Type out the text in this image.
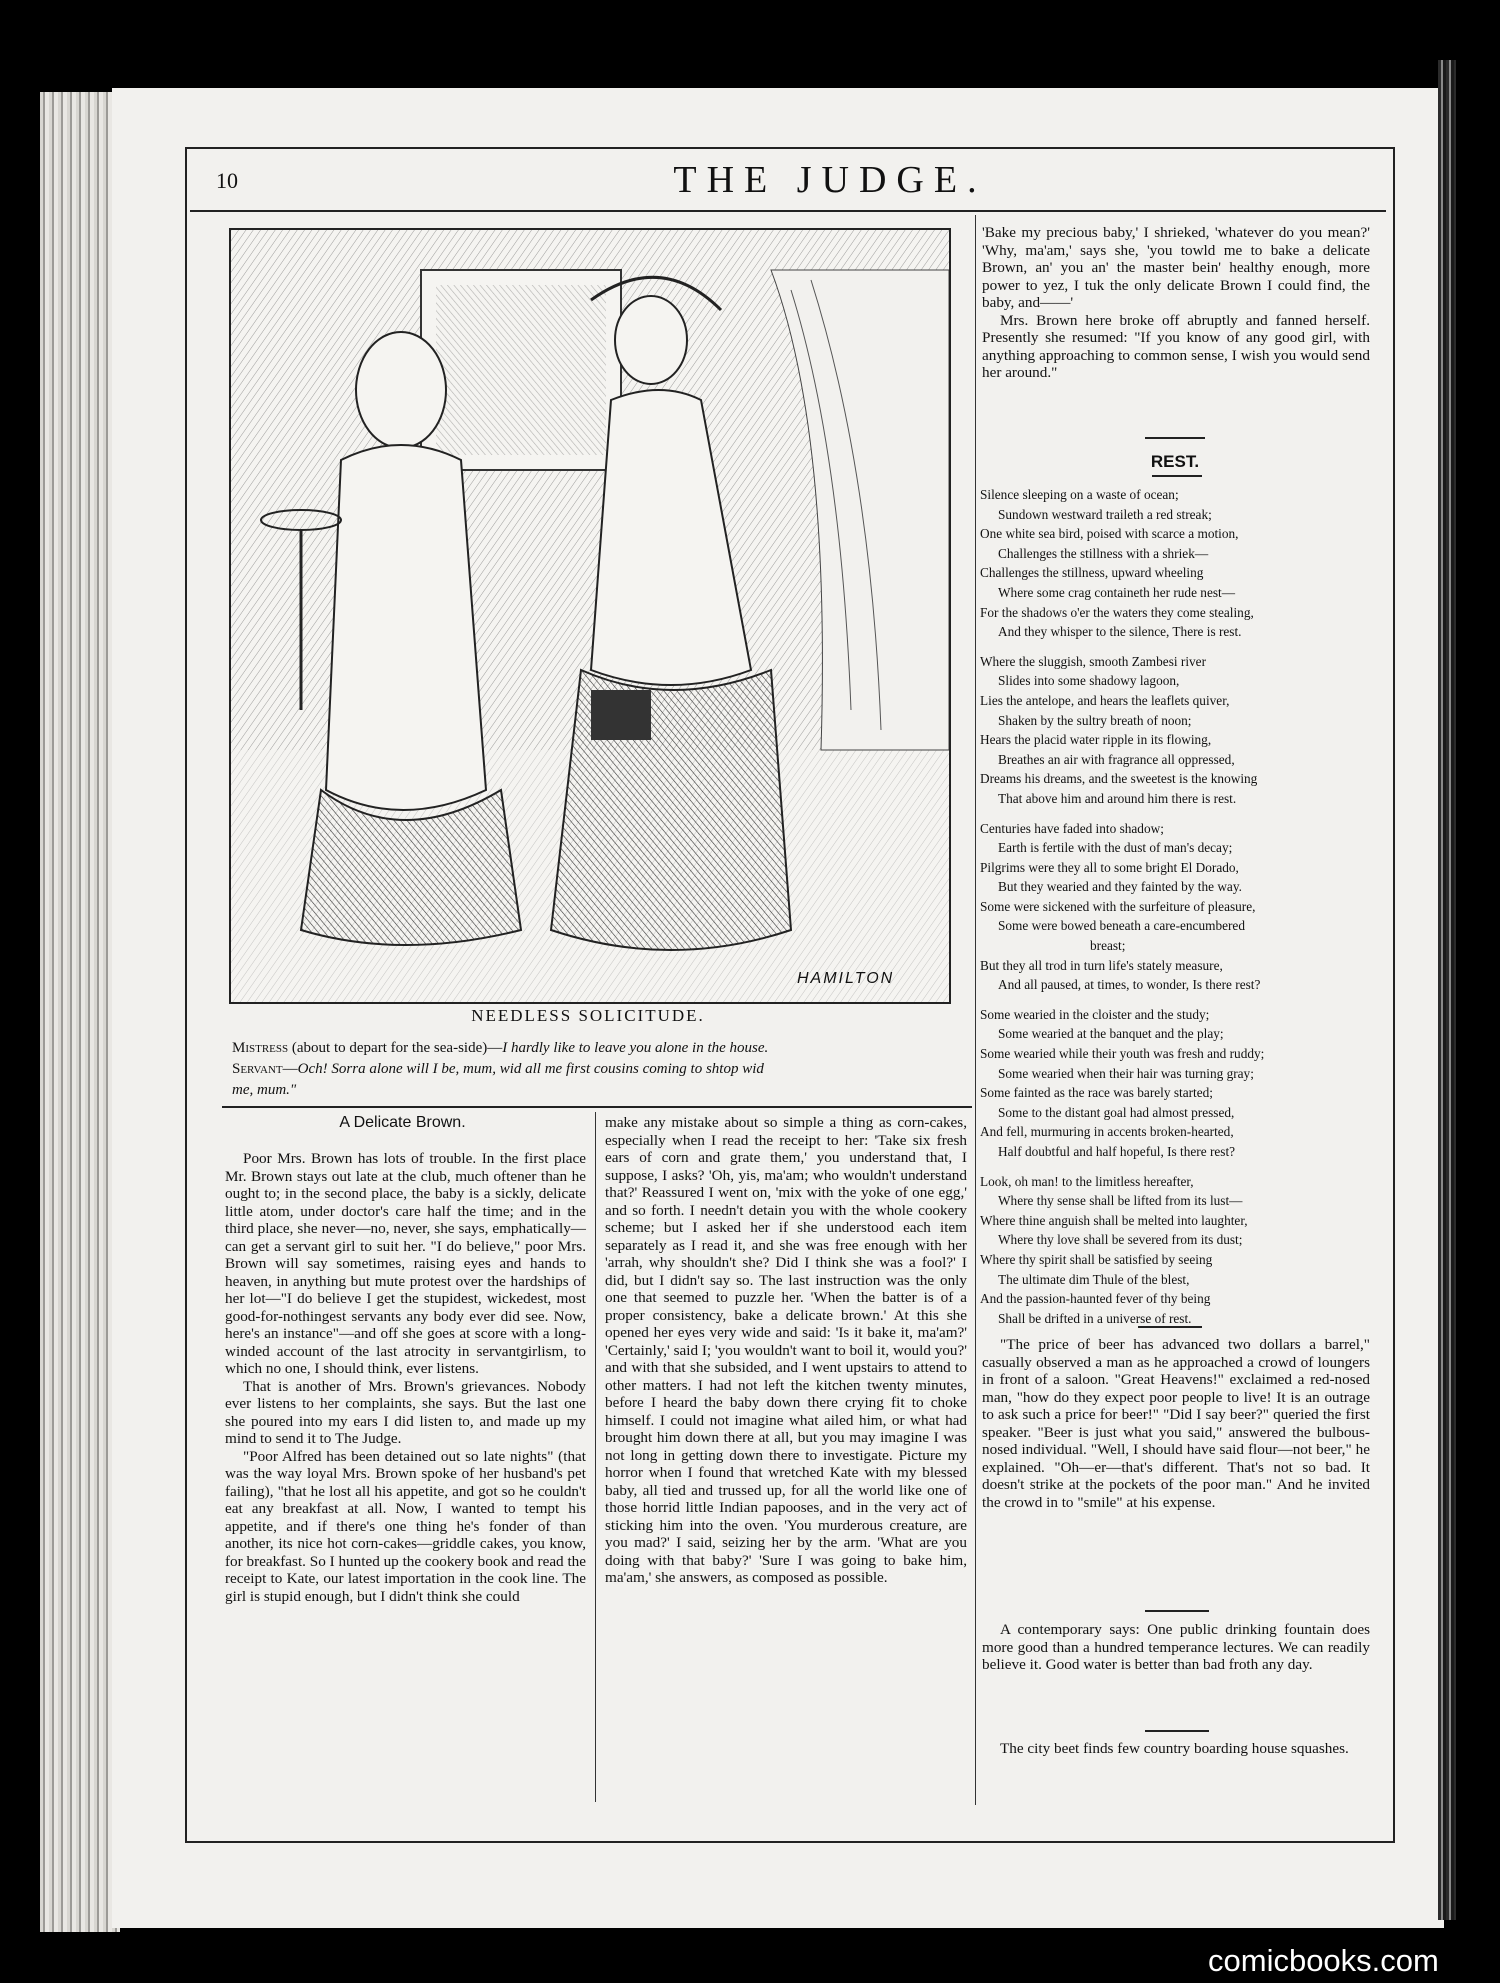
10	THE JUDGE.
HAMILTON
NEEDLESS SOLICITUDE.
Mistress (about to depart for the sea-side)—I hardly like to leave you alone in the house.
Servant—Och! Sorra alone will I be, mum, wid all me first cousins coming to shtop wid
me, mum."
A Delicate Brown.

Poor Mrs. Brown has lots of trouble. In the first place Mr. Brown stays out late at the club, much oftener than he ought to; in the second place, the baby is a sickly, delicate little atom, under doctor's care half the time; and in the third place, she never—no, never, she says, emphatically—can get a servant girl to suit her. "I do believe," poor Mrs. Brown will say sometimes, raising eyes and hands to heaven, in anything but mute protest over the hardships of her lot—"I do believe I get the stupidest, wickedest, most good-for-nothingest servants any body ever did see. Now, here's an instance"—and off she goes at score with a long-winded account of the last atrocity in servantgirlism, to which no one, I should think, ever listens.

That is another of Mrs. Brown's grievances. Nobody ever listens to her complaints, she says. But the last one she poured into my ears I did listen to, and made up my mind to send it to The Judge.

"Poor Alfred has been detained out so late nights" (that was the way loyal Mrs. Brown spoke of her husband's pet failing), "that he lost all his appetite, and got so he couldn't eat any breakfast at all. Now, I wanted to tempt his appetite, and if there's one thing he's fonder of than another, its nice hot corn-cakes—griddle cakes, you know, for breakfast. So I hunted up the cookery book and read the receipt to Kate, our latest importation in the cook line. The girl is stupid enough, but I didn't think she could

make any mistake about so simple a thing as corn-cakes, especially when I read the receipt to her: 'Take six fresh ears of corn and grate them,' you understand that, I suppose, I asks? 'Oh, yis, ma'am; who wouldn't understand that?' Reassured I went on, 'mix with the yoke of one egg,' and so forth. I needn't detain you with the whole cookery scheme; but I asked her if she understood each item separately as I read it, and she was free enough with her 'arrah, why shouldn't she? Did I think she was a fool?' I did, but I didn't say so. The last instruction was the only one that seemed to puzzle her. 'When the batter is of a proper consistency, bake a delicate brown.' At this she opened her eyes very wide and said: 'Is it bake it, ma'am?' 'Certainly,' said I; 'you wouldn't want to boil it, would you?' and with that she subsided, and I went upstairs to attend to other matters. I had not left the kitchen twenty minutes, before I heard the baby down there crying fit to choke himself. I could not imagine what ailed him, or what had brought him down there at all, but you may imagine I was not long in getting down there to investigate. Picture my horror when I found that wretched Kate with my blessed baby, all tied and trussed up, for all the world like one of those horrid little Indian papooses, and in the very act of sticking him into the oven. 'You murderous creature, are you mad?' I said, seizing her by the arm. 'What are you doing with that baby?' 'Sure I was going to bake him, ma'am,' she answers, as composed as possible.

'Bake my precious baby,' I shrieked, 'whatever do you mean?' 'Why, ma'am,' says she, 'you towld me to bake a delicate Brown, an' you an' the master bein' healthy enough, more power to yez, I tuk the only delicate Brown I could find, the baby, and——'

Mrs. Brown here broke off abruptly and fanned herself. Presently she resumed: "If you know of any good girl, with anything approaching to common sense, I wish you would send her around."

REST.
Silence sleeping on a waste of ocean;
Sundown westward traileth a red streak;
One white sea bird, poised with scarce a motion,
Challenges the stillness with a shriek—
Challenges the stillness, upward wheeling
Where some crag containeth her rude nest—
For the shadows o'er the waters they come stealing,
And they whisper to the silence, There is rest.
Where the sluggish, smooth Zambesi river
Slides into some shadowy lagoon,
Lies the antelope, and hears the leaflets quiver,
Shaken by the sultry breath of noon;
Hears the placid water ripple in its flowing,
Breathes an air with fragrance all oppressed,
Dreams his dreams, and the sweetest is the knowing
That above him and around him there is rest.
Centuries have faded into shadow;
Earth is fertile with the dust of man's decay;
Pilgrims were they all to some bright El Dorado,
But they wearied and they fainted by the way.
Some were sickened with the surfeiture of pleasure,
Some were bowed beneath a care-encumbered
breast;
But they all trod in turn life's stately measure,
And all paused, at times, to wonder, Is there rest?
Some wearied in the cloister and the study;
Some wearied at the banquet and the play;
Some wearied while their youth was fresh and ruddy;
Some wearied when their hair was turning gray;
Some fainted as the race was barely started;
Some to the distant goal had almost pressed,
And fell, murmuring in accents broken-hearted,
Half doubtful and half hopeful, Is there rest?
Look, oh man! to the limitless hereafter,
Where thy sense shall be lifted from its lust—
Where thine anguish shall be melted into laughter,
Where thy love shall be severed from its dust;
Where thy spirit shall be satisfied by seeing
The ultimate dim Thule of the blest,
And the passion-haunted fever of thy being
Shall be drifted in a universe of rest.

"The price of beer has advanced two dollars a barrel," casually observed a man as he approached a crowd of loungers in front of a saloon. "Great Heavens!" exclaimed a red-nosed man, "how do they expect poor people to live! It is an outrage to ask such a price for beer!" "Did I say beer?" queried the first speaker. "Beer is just what you said," answered the bulbous-nosed individual. "Well, I should have said flour—not beer," he explained. "Oh—er—that's different. That's not so bad. It doesn't strike at the pockets of the poor man." And he invited the crowd in to "smile" at his expense.

A contemporary says: One public drinking fountain does more good than a hundred temperance lectures. We can readily believe it. Good water is better than bad froth any day.

The city beet finds few country boarding house squashes.

comicbooks.com
